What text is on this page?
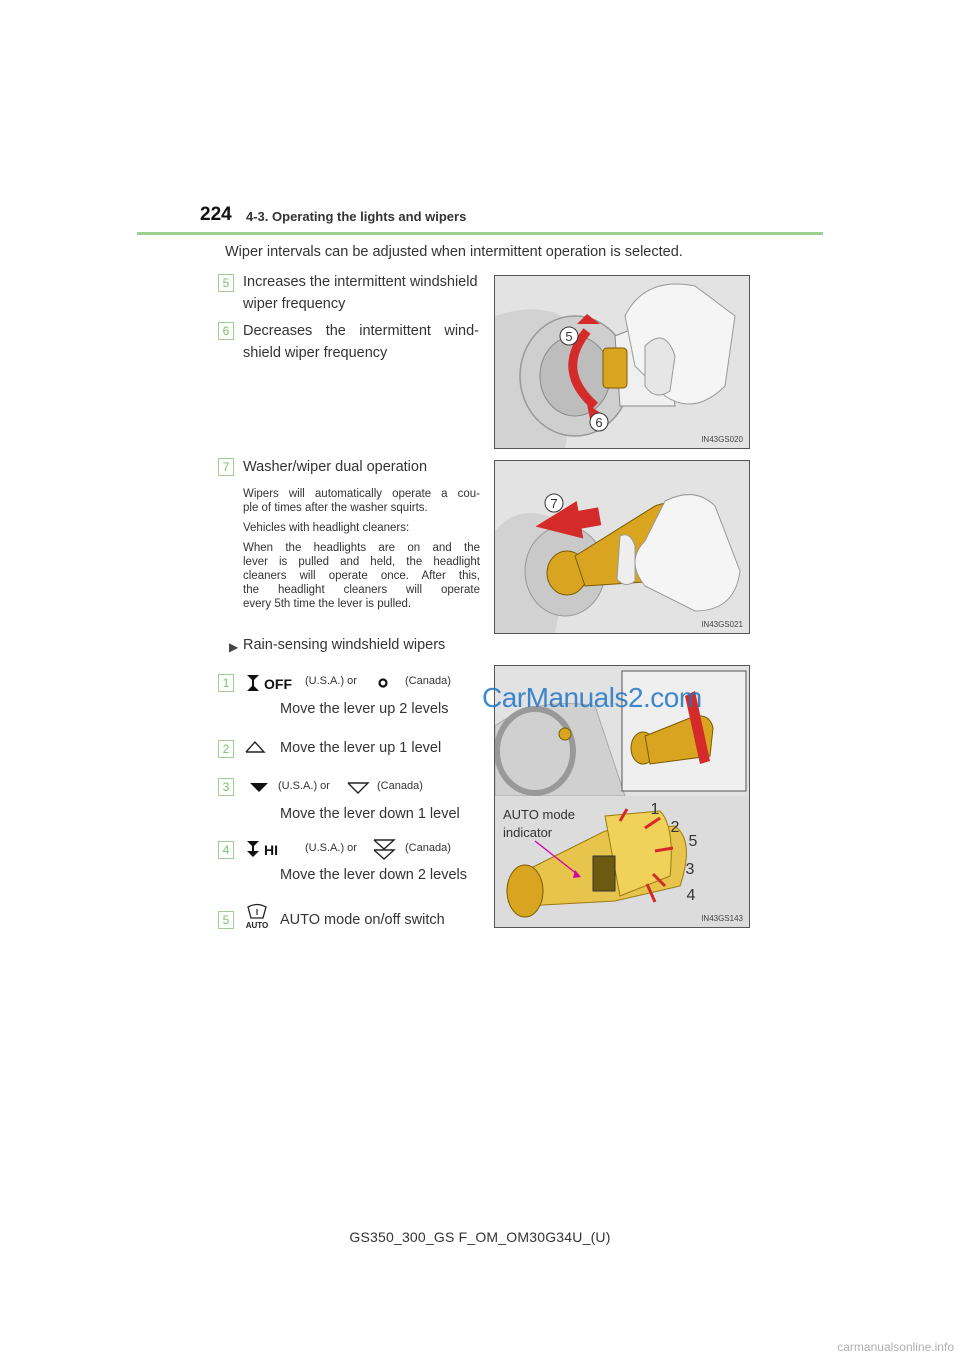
224 4-3. Operating the lights and wipers
Wiper intervals can be adjusted when intermittent operation is selected.
5 Increases the intermittent windshield
wiper frequency
6 Decreases the intermittent wind-
shield wiper frequency
5
6
IN43GS020
7 Washer/wiper dual operation
Wipers will automatically operate a cou-
ple of times after the washer squirts.
Vehicles with headlight cleaners:
When the headlights are on and the
lever is pulled and held, the headlight
cleaners will operate once. After this,
the headlight cleaners will operate
every 5th time the lever is pulled.
7
IN43GS021
▶ Rain-sensing windshield wipers
1	OFF (U.S.A.) or	(Canada)
Move the lever up 2 levels
2	Move the lever up 1 level
3	(U.S.A.) or	(Canada)
Move the lever down 1 level
4	HI (U.S.A.) or	(Canada)
Move the lever down 2 levels
5	AUTO AUTO mode on/off switch
1
2
5
3
4
AUTO mode
indicator
IN43GS143
CarManuals2.com
GS350_300_GS F_OM_OM30G34U_(U)
carmanualsonline.info
